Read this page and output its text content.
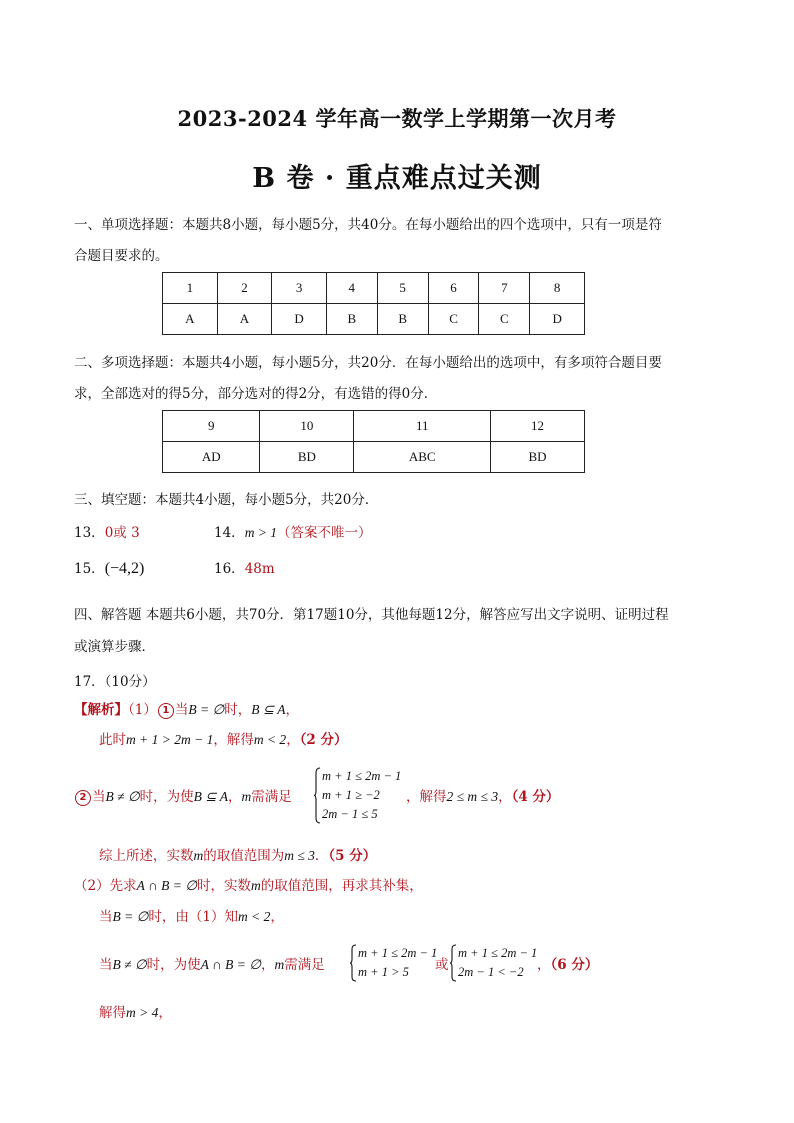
2023-2024 学年高一数学上学期第一次月考
B 卷 · 重点难点过关测
一、单项选择题：本题共8小题，每小题5分，共40分。在每小题给出的四个选项中，只有一项是符
合题目要求的。
1	2	3	4	5	6	7	8
A	A	D	B	B	C	C	D
二、多项选择题：本题共4小题，每小题5分，共20分．在每小题给出的选项中，有多项符合题目要
求，全部选对的得5分，部分选对的得2分，有选错的得0分．
9	10	11	12
AD	BD	ABC	BD
三、填空题：本题共4小题，每小题5分，共20分．
13．0或 3	14．m > 1（答案不唯一）
15．(−4,2)	16．48m
四、解答题 本题共6小题，共70分．第17题10分，其他每题12分，解答应写出文字说明、证明过程
或演算步骤．
17．（10分）
【解析】（1） 1 当B = ∅时，B ⊆ A，
此时m + 1 > 2m − 1，解得m < 2，（2 分）
2 当B ≠ ∅时，为使B ⊆ A，m需满足
m + 1 ≤ 2m − 1
m + 1 ≥ −2
2m − 1 ≤ 5
，解得2 ≤ m ≤ 3，（4 分）
综上所述，实数m的取值范围为m ≤ 3．（5 分）
（2）先求A ∩ B = ∅时，实数m的取值范围，再求其补集，
当B = ∅时，由（1）知m < 2，
当B ≠ ∅时，为使A ∩ B = ∅，m需满足
m + 1 ≤ 2m − 1
m + 1 > 5	或
m + 1 ≤ 2m − 1
2m − 1 < −2 ，（6 分）
解得m > 4，
